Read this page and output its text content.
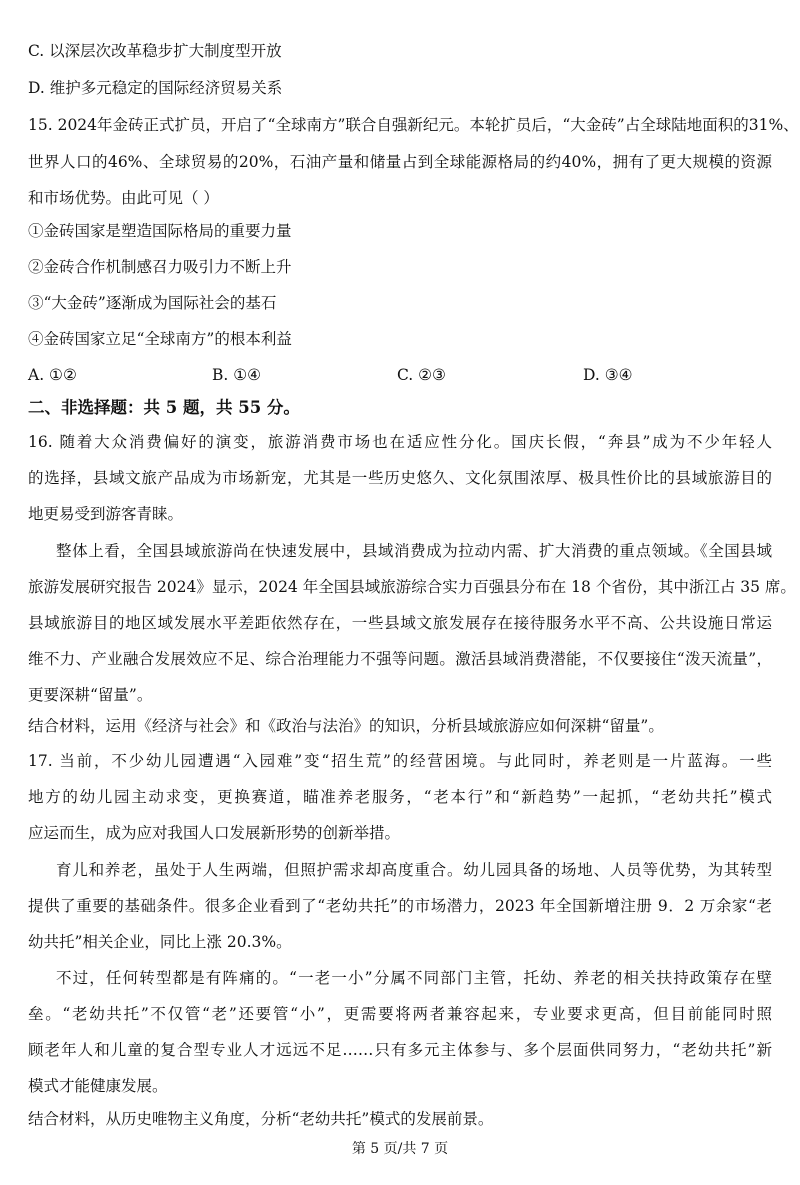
C. 以深层次改革稳步扩大制度型开放
D. 维护多元稳定的国际经济贸易关系
15. 2024年金砖正式扩员，开启了“全球南方”联合自强新纪元。本轮扩员后，“大金砖”占全球陆地面积的31%、
世界人口的46%、全球贸易的20%，石油产量和储量占到全球能源格局的约40%，拥有了更大规模的资源
和市场优势。由此可见（ ）
①金砖国家是塑造国际格局的重要力量
②金砖合作机制感召力吸引力不断上升
③“大金砖”逐渐成为国际社会的基石
④金砖国家立足“全球南方”的根本利益
A. ①②	B. ①④	C. ②③	D. ③④
二、非选择题：共 5 题，共 55 分。
16. 随着大众消费偏好的演变，旅游消费市场也在适应性分化。国庆长假，“奔县”成为不少年轻人
的选择，县域文旅产品成为市场新宠，尤其是一些历史悠久、文化氛围浓厚、极具性价比的县域旅游目的
地更易受到游客青睐。
整体上看，全国县域旅游尚在快速发展中，县域消费成为拉动内需、扩大消费的重点领域。《全国县域
旅游发展研究报告 2024》显示，2024 年全国县域旅游综合实力百强县分布在 18 个省份，其中浙江占 35 席。
县域旅游目的地区域发展水平差距依然存在，一些县域文旅发展存在接待服务水平不高、公共设施日常运
维不力、产业融合发展效应不足、综合治理能力不强等问题。激活县域消费潜能，不仅要接住“泼天流量”，
更要深耕“留量”。
结合材料，运用《经济与社会》和《政治与法治》的知识，分析县域旅游应如何深耕“留量”。
17. 当前，不少幼儿园遭遇“入园难”变“招生荒”的经营困境。与此同时，养老则是一片蓝海。一些
地方的幼儿园主动求变，更换赛道，瞄准养老服务，“老本行”和“新趋势”一起抓，“老幼共托”模式
应运而生，成为应对我国人口发展新形势的创新举措。
育儿和养老，虽处于人生两端，但照护需求却高度重合。幼儿园具备的场地、人员等优势，为其转型
提供了重要的基础条件。很多企业看到了“老幼共托”的市场潜力，2023 年全国新增注册 9．2 万余家“老
幼共托”相关企业，同比上涨 20.3%。
不过，任何转型都是有阵痛的。“一老一小”分属不同部门主管，托幼、养老的相关扶持政策存在壁
垒。“老幼共托”不仅管“老”还要管“小”，更需要将两者兼容起来，专业要求更高，但目前能同时照
顾老年人和儿童的复合型专业人才远远不足……只有多元主体参与、多个层面供同努力，“老幼共托”新
模式才能健康发展。
结合材料，从历史唯物主义角度，分析“老幼共托”模式的发展前景。
第 5 页/共 7 页
